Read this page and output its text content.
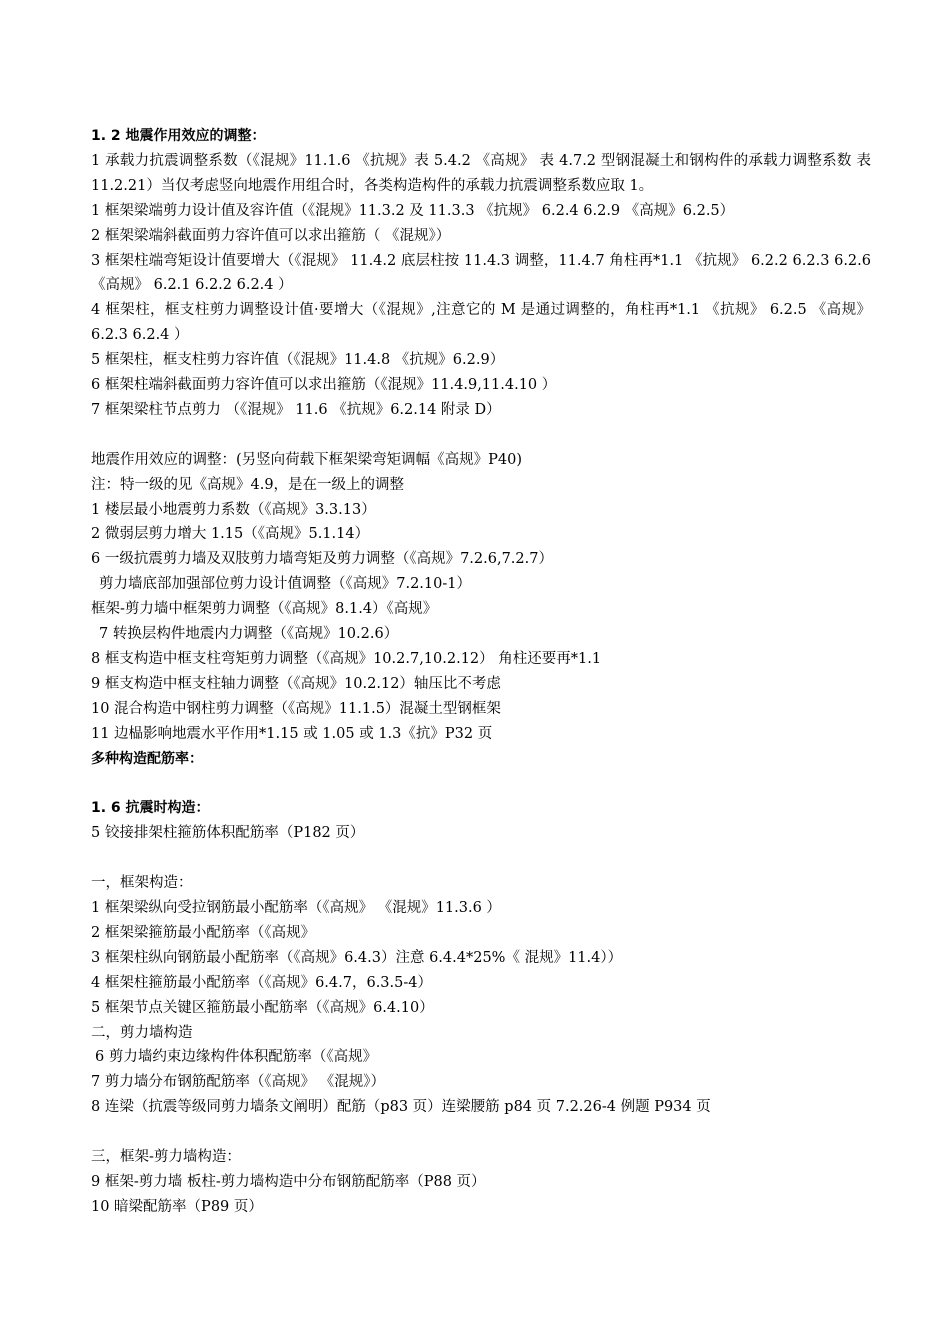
1. 2 地震作用效应的调整：
1 承载力抗震调整系数（《混规》11.1.6 《抗规》表 5.4.2 《高规》 表 4.7.2 型钢混凝土和钢构件的承载力调整系数 表 11.2.21）当仅考虑竖向地震作用组合时，各类构造构件的承载力抗震调整系数应取 1。
1 框架梁端剪力设计值及容许值（《混规》11.3.2 及 11.3.3 《抗规》 6.2.4 6.2.9 《高规》6.2.5）
2 框架梁端斜截面剪力容许值可以求出箍筋（ 《混规》）
3 框架柱端弯矩设计值要增大（《混规》 11.4.2 底层柱按 11.4.3 调整，11.4.7 角柱再*1.1 《抗规》 6.2.2 6.2.3 6.2.6 《高规》 6.2.1 6.2.2 6.2.4 ）
4 框架柱，框支柱剪力调整设计值·要增大（《混规》,注意它的 M 是通过调整的，角柱再*1.1 《抗规》 6.2.5 《高规》 6.2.3 6.2.4 ）
5 框架柱，框支柱剪力容许值（《混规》11.4.8 《抗规》6.2.9）
6 框架柱端斜截面剪力容许值可以求出箍筋（《混规》11.4.9,11.4.10 ）
7 框架梁柱节点剪力 （《混规》 11.6 《抗规》6.2.14 附录 D）
地震作用效应的调整：(另竖向荷载下框架梁弯矩调幅《高规》P40)
注：特一级的见《高规》4.9，是在一级上的调整
1 楼层最小地震剪力系数（《高规》3.3.13）
2 微弱层剪力增大 1.15（《高规》5.1.14）
6 一级抗震剪力墙及双肢剪力墙弯矩及剪力调整（《高规》7.2.6,7.2.7）
剪力墙底部加强部位剪力设计值调整（《高规》7.2.10-1）
框架-剪力墙中框架剪力调整（《高规》8.1.4）《高规》
7 转换层构件地震内力调整（《高规》10.2.6）
8 框支构造中框支柱弯矩剪力调整（《高规》10.2.7,10.2.12） 角柱还要再*1.1
9 框支构造中框支柱轴力调整（《高规》10.2.12）轴压比不考虑
10 混合构造中钢柱剪力调整（《高规》11.1.5）混凝土型钢框架
11 边榀影响地震水平作用*1.15 或 1.05 或 1.3《抗》P32 页
多种构造配筋率：
1. 6 抗震时构造：
5 铰接排架柱箍筋体积配筋率（P182 页）
一，框架构造：
1 框架梁纵向受拉钢筋最小配筋率（《高规》 《混规》11.3.6 ）
2 框架梁箍筋最小配筋率（《高规》
3 框架柱纵向钢筋最小配筋率（《高规》6.4.3）注意 6.4.4*25%《 混规》11.4））
4 框架柱箍筋最小配筋率（《高规》6.4.7，6.3.5-4）
5 框架节点关键区箍筋最小配筋率（《高规》6.4.10）
二，剪力墙构造
6 剪力墙约束边缘构件体积配筋率（《高规》
7 剪力墙分布钢筋配筋率（《高规》 《混规》）
8 连梁（抗震等级同剪力墙条文阐明）配筋（p83 页）连梁腰筋 p84 页 7.2.26-4 例题 P934 页
三，框架-剪力墙构造：
9 框架-剪力墙 板柱-剪力墙构造中分布钢筋配筋率（P88 页）
10 暗梁配筋率（P89 页）
